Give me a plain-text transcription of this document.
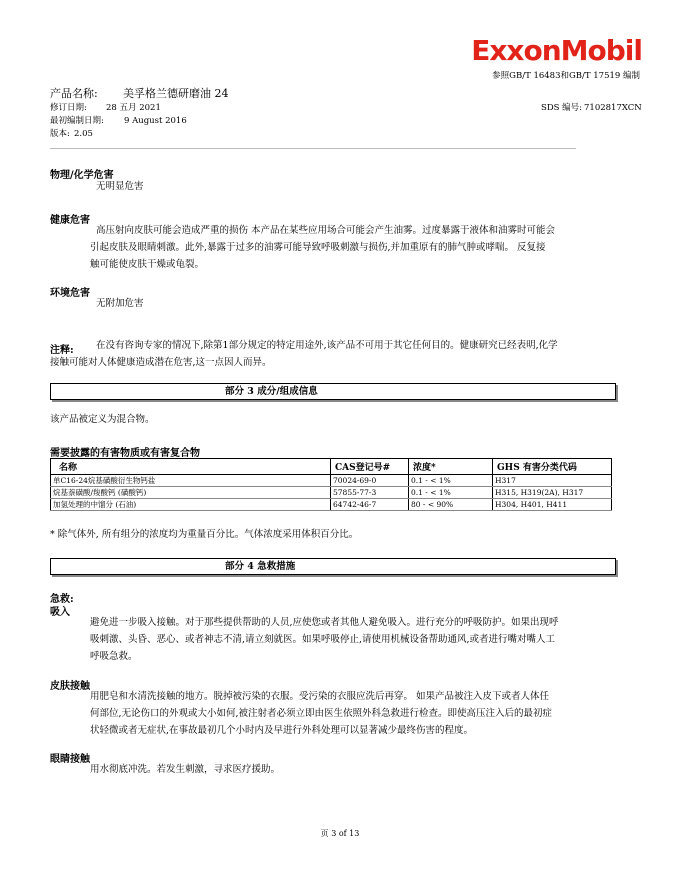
ExxonMobil
参照GB/T 16483和GB/T 17519 编制
产品名称: 美孚格兰德研磨油 24
修订日期: 28 五月 2021	SDS 编号: 7102817XCN
最初编制日期: 9 August 2016
版本: 2.05
物理/化学危害
无明显危害
健康危害
高压射向皮肤可能会造成严重的损伤 本产品在某些应用场合可能会产生油雾。过度暴露于液体和油雾时可能会
引起皮肤及眼睛刺激。此外,暴露于过多的油雾可能导致呼吸刺激与损伤,并加重原有的肺气肿或哮喘。 反复接
触可能使皮肤干燥或龟裂。
环境危害
无附加危害
注释: 在没有咨询专家的情况下,除第1部分规定的特定用途外,该产品不可用于其它任何目的。健康研究已经表明,化学
接触可能对人体健康造成潜在危害,这一点因人而异。
部分 3 成分/组成信息
该产品被定义为混合物。
需要披露的有害物质或有害复合物
名称	CAS登记号#	浓度*	GHS 有害分类代码
单C16-24烷基磺酸衍生物钙盐	70024-69-0	0.1 - < 1%	H317
烷基萘磺酸/羧酸钙 (磺酸钙)	57855-77-3	0.1 - < 1%	H315, H319(2A), H317
加氢处理的中馏分 (石油)	64742-46-7	80 - < 90%	H304, H401, H411
* 除气体外, 所有组分的浓度均为重量百分比。气体浓度采用体积百分比。
部分 4 急救措施
急救:
吸入
避免进一步吸入接触。对于那些提供帮助的人员,应使您或者其他人避免吸入。进行充分的呼吸防护。如果出现呼
吸刺激、头昏、恶心、或者神志不清,请立刻就医。如果呼吸停止,请使用机械设备帮助通风,或者进行嘴对嘴人工
呼吸急救。
皮肤接触
用肥皂和水清洗接触的地方。脱掉被污染的衣服。受污染的衣服应洗后再穿。 如果产品被注入皮下或者人体任
何部位,无论伤口的外观或大小如何,被注射者必须立即由医生依照外科急救进行检查。即使高压注入后的最初症
状轻微或者无症状,在事故最初几个小时内及早进行外科处理可以显著减少最终伤害的程度。
眼睛接触
用水彻底冲洗。若发生刺激，寻求医疗援助。
页 3 of 13
